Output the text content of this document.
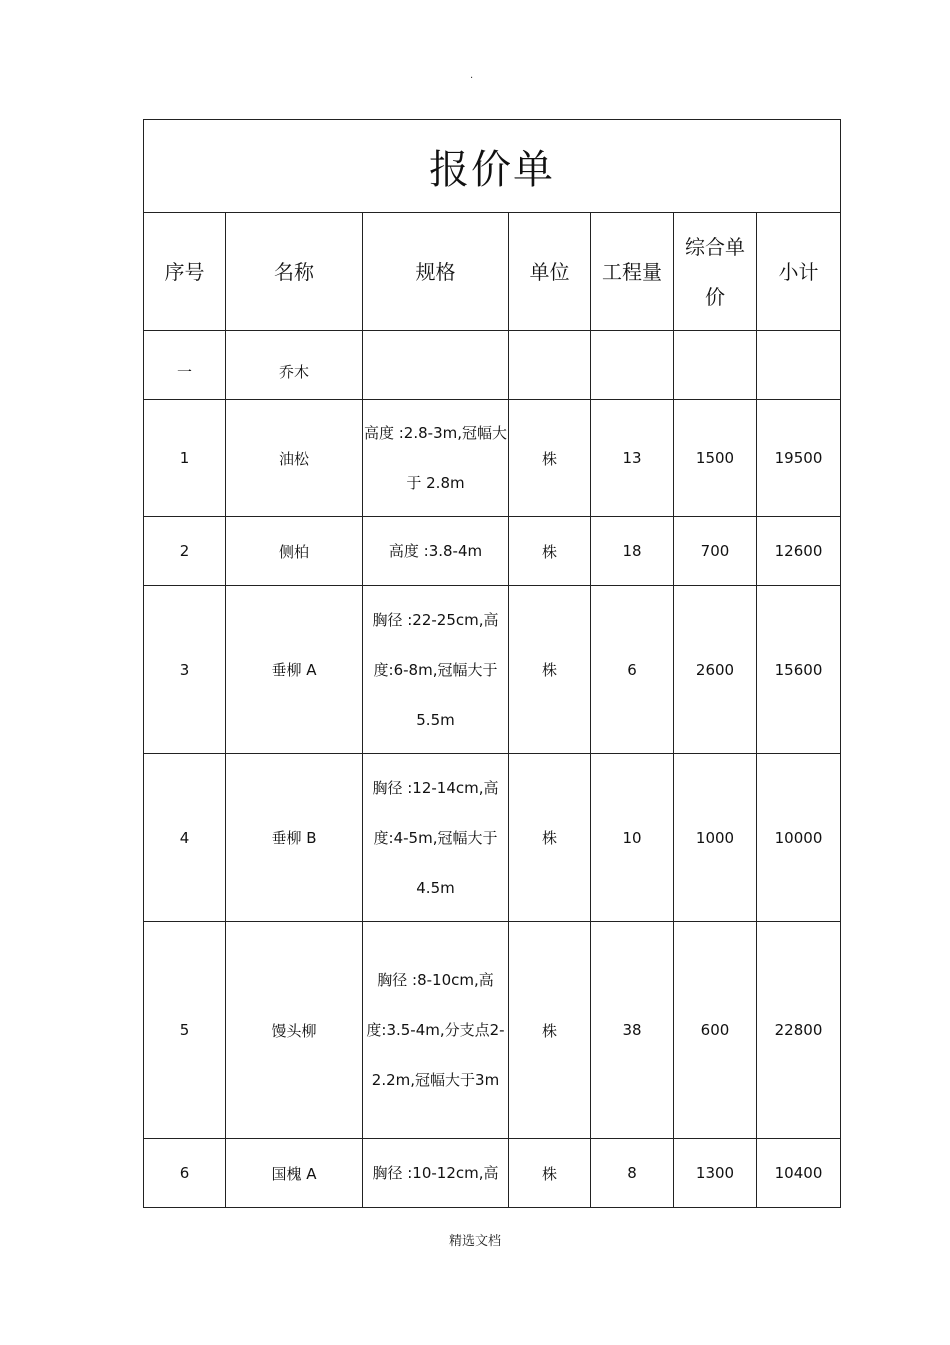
.
报价单						
序号	名称	规格	单位	工程量	综合单价	小计
一	乔木					
1	油松	高度 :2.8-3m,冠幅大于 2.8m	株	13	1500	19500
2	侧柏	高度 :3.8-4m	株	18	700	12600
3	垂柳 A	胸径 :22-25cm,高度:6-8m,冠幅大于5.5m	株	6	2600	15600
4	垂柳 B	胸径 :12-14cm,高度:4-5m,冠幅大于4.5m	株	10	1000	10000
5	馒头柳	胸径 :8-10cm,高度:3.5-4m,分支点2-2.2m,冠幅大于3m	株	38	600	22800
6	国槐 A	胸径 :10-12cm,高	株	8	1300	10400
精选文档
